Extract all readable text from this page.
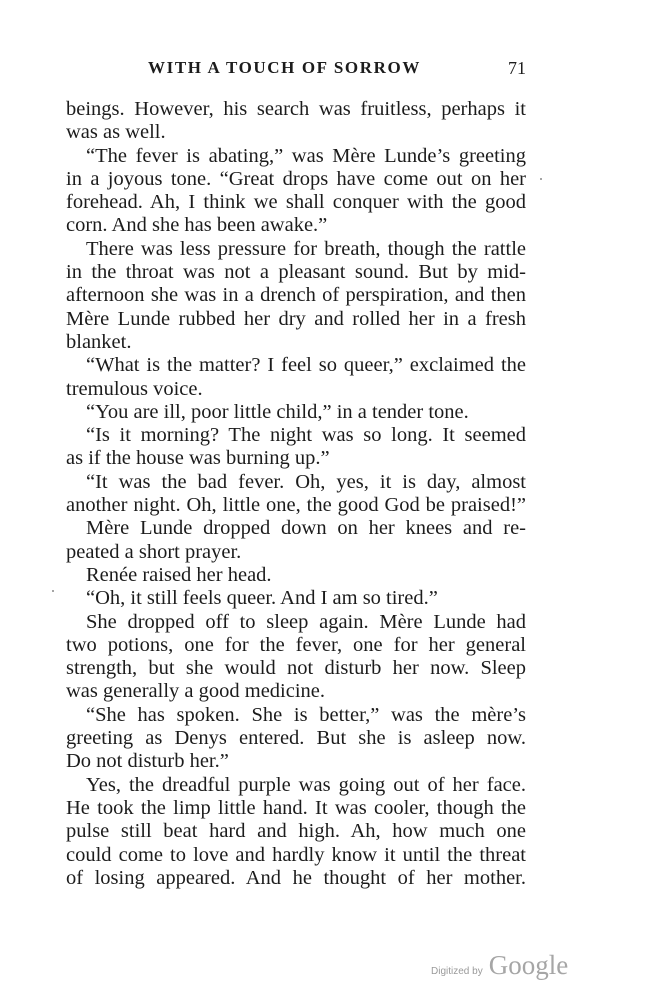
WITH A TOUCH OF SORROW	71
beings. However, his search was fruitless, perhaps it
was as well.
“The fever is abating,” was Mère Lunde’s greeting
in a joyous tone. “Great drops have come out on her
forehead. Ah, I think we shall conquer with the good
corn. And she has been awake.”
There was less pressure for breath, though the rattle
in the throat was not a pleasant sound. But by mid-
afternoon she was in a drench of perspiration, and then
Mère Lunde rubbed her dry and rolled her in a fresh
blanket.
“What is the matter? I feel so queer,” exclaimed the
tremulous voice.
“You are ill, poor little child,” in a tender tone.
“Is it morning? The night was so long. It seemed
as if the house was burning up.”
“It was the bad fever. Oh, yes, it is day, almost
another night. Oh, little one, the good God be praised!”
Mère Lunde dropped down on her knees and re-
peated a short prayer.
Renée raised her head.
“Oh, it still feels queer. And I am so tired.”
She dropped off to sleep again. Mère Lunde had
two potions, one for the fever, one for her general
strength, but she would not disturb her now. Sleep
was generally a good medicine.
“She has spoken. She is better,” was the mère’s
greeting as Denys entered. But she is asleep now.
Do not disturb her.”
Yes, the dreadful purple was going out of her face.
He took the limp little hand. It was cooler, though the
pulse still beat hard and high. Ah, how much one
could come to love and hardly know it until the threat
of losing appeared. And he thought of her mother.
Digitized by Google
